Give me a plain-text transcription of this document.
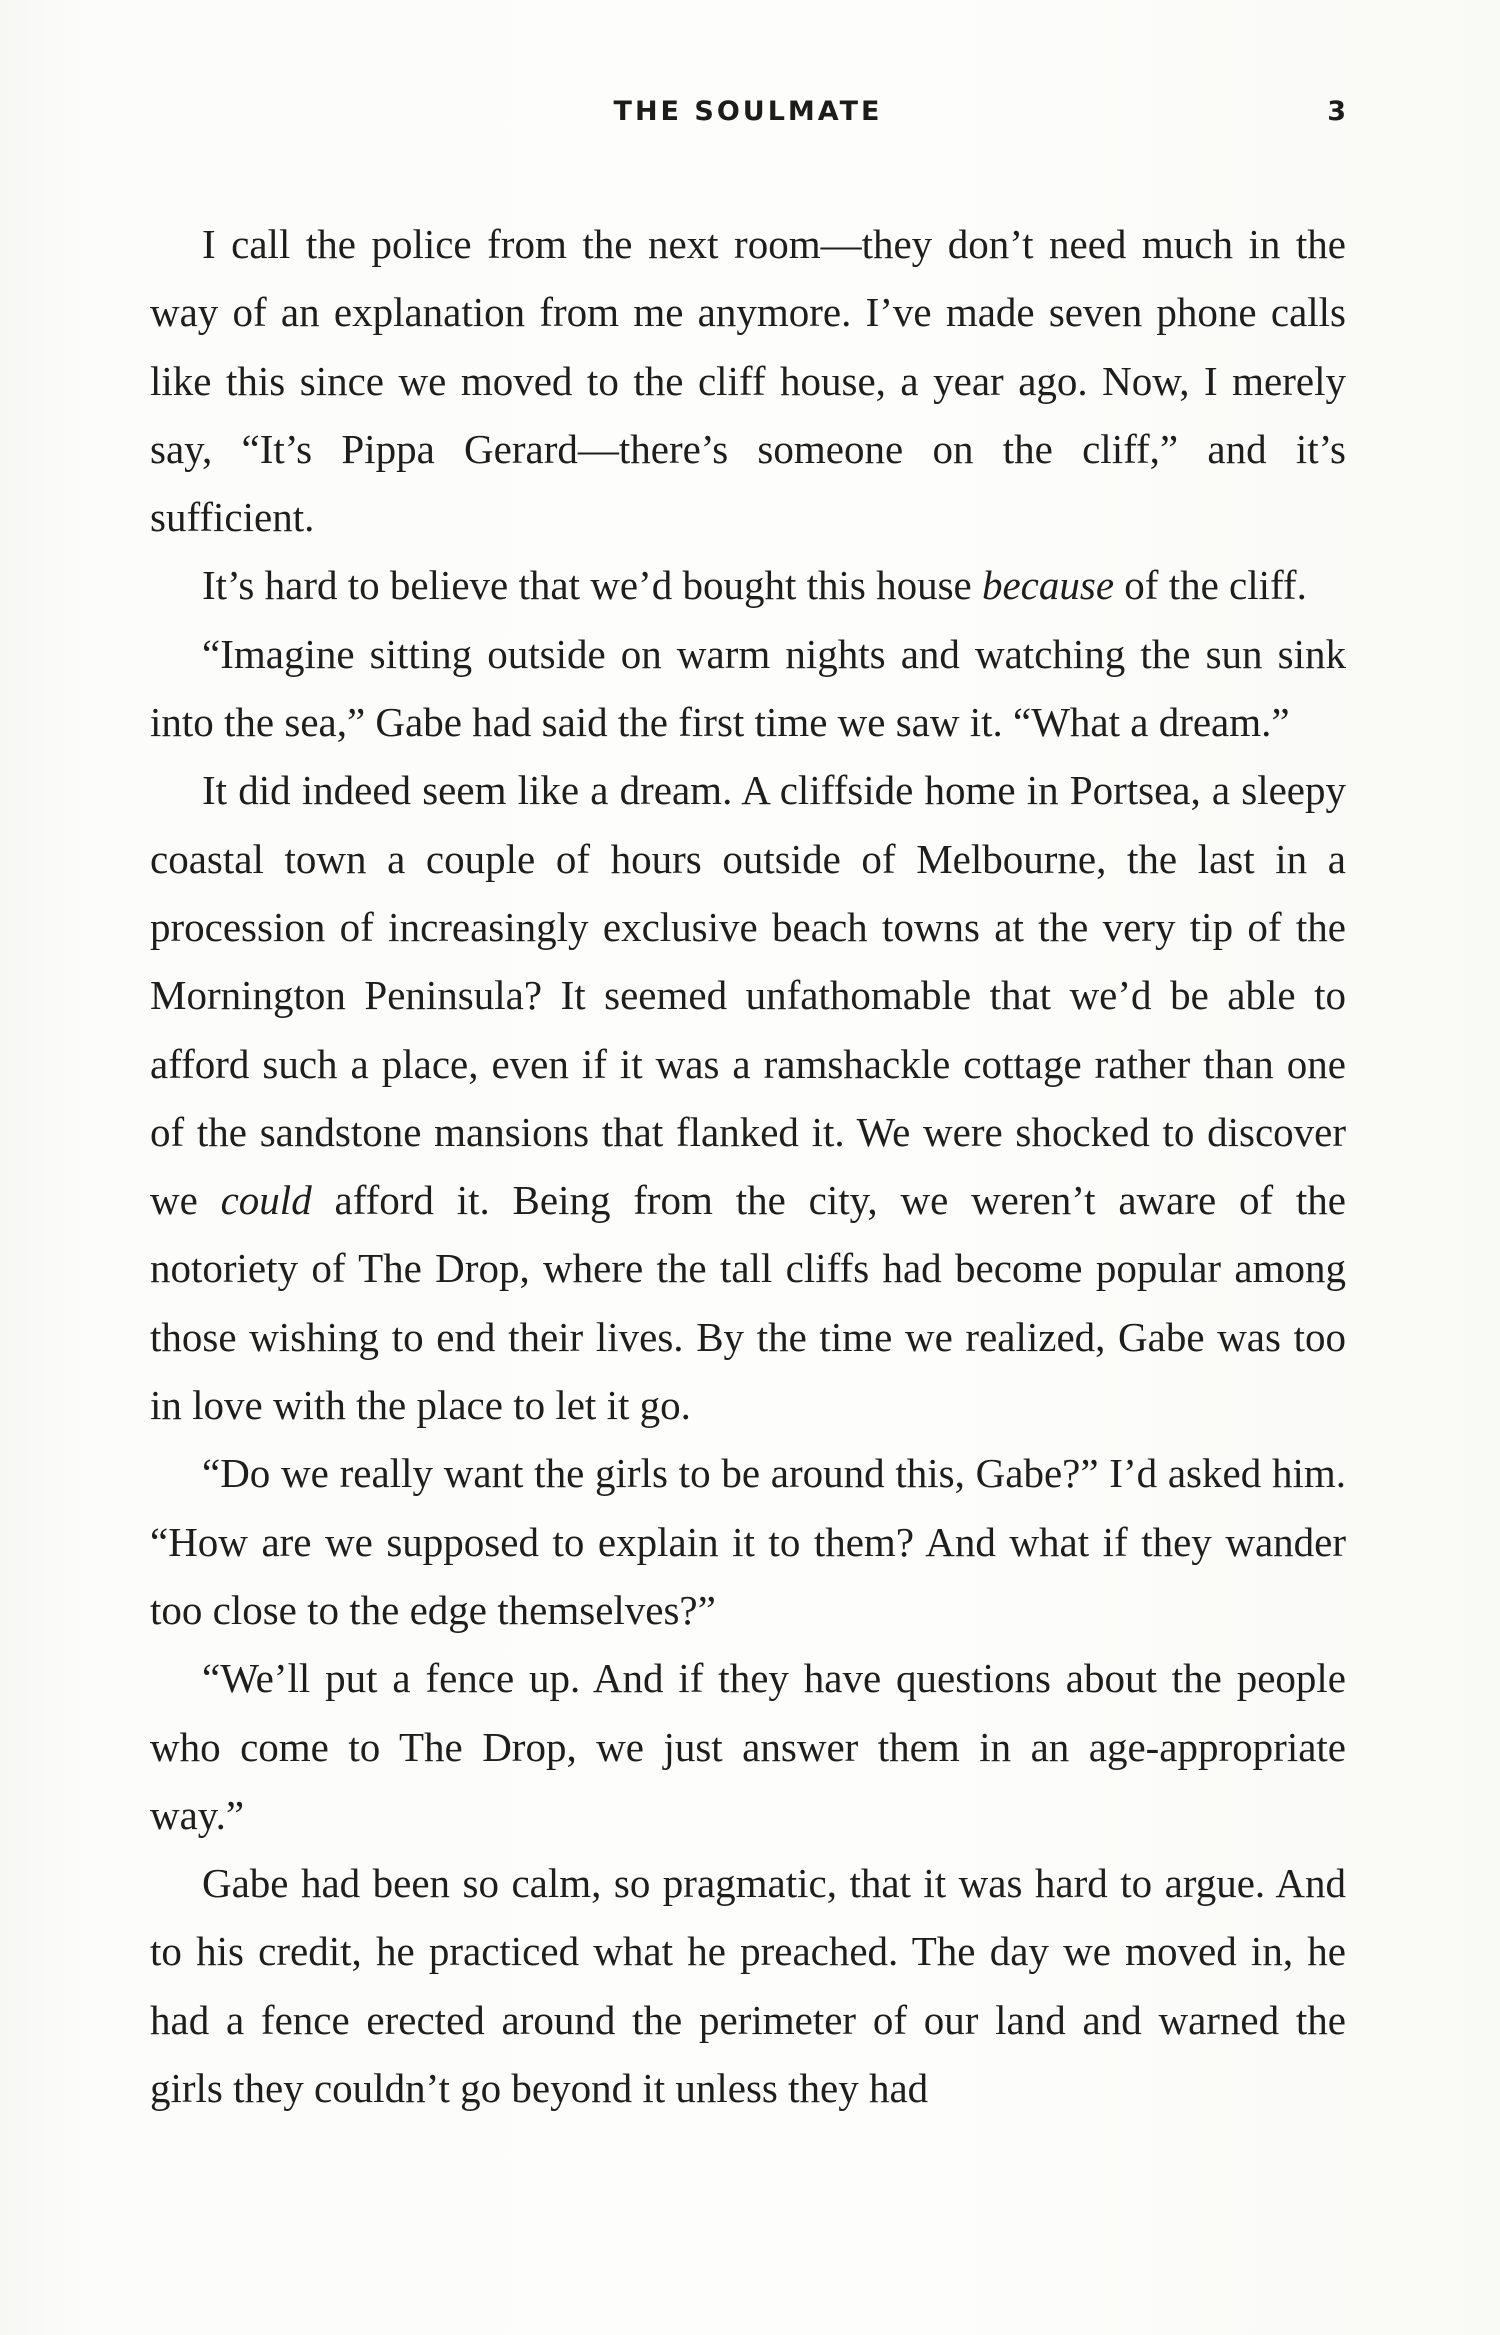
THE SOULMATE	3

I call the police from the next room—they don’t need much in the way of an explanation from me anymore. I’ve made seven phone calls like this since we moved to the cliff house, a year ago. Now, I merely say, “It’s Pippa Gerard—there’s someone on the cliff,” and it’s sufficient.

It’s hard to believe that we’d bought this house because of the cliff.

“Imagine sitting outside on warm nights and watching the sun sink into the sea,” Gabe had said the first time we saw it. “What a dream.”

It did indeed seem like a dream. A cliffside home in Portsea, a sleepy coastal town a couple of hours outside of Melbourne, the last in a procession of increasingly exclusive beach towns at the very tip of the Mornington Peninsula? It seemed unfathomable that we’d be able to afford such a place, even if it was a ramshackle cottage rather than one of the sandstone mansions that flanked it. We were shocked to discover we could afford it. Being from the city, we weren’t aware of the notoriety of The Drop, where the tall cliffs had become popular among those wishing to end their lives. By the time we realized, Gabe was too in love with the place to let it go.

“Do we really want the girls to be around this, Gabe?” I’d asked him. “How are we supposed to explain it to them? And what if they wander too close to the edge themselves?”

“We’ll put a fence up. And if they have questions about the people who come to The Drop, we just answer them in an age-appropriate way.”

Gabe had been so calm, so pragmatic, that it was hard to argue. And to his credit, he practiced what he preached. The day we moved in, he had a fence erected around the perimeter of our land and warned the girls they couldn’t go beyond it unless they had
